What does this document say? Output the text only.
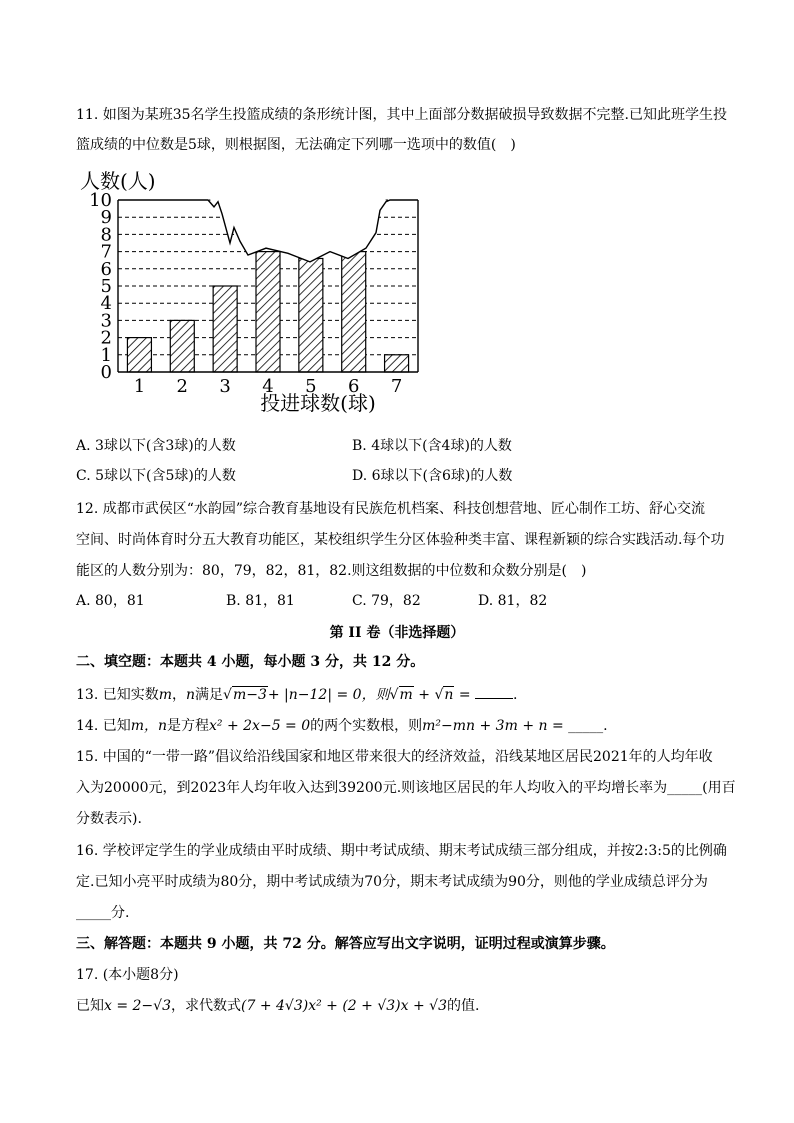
11. 如图为某班35名学生投篮成绩的条形统计图，其中上面部分数据破损导致数据不完整.已知此班学生投
篮成绩的中位数是5球，则根据图，无法确定下列哪一选项中的数值(　)
人数(人)
0
1
2
3
4
5
6
7
8
9
10
1 2 3 4 5 6 7
投进球数(球)
A. 3球以下(含3球)的人数	B. 4球以下(含4球)的人数
C. 5球以下(含5球)的人数	D. 6球以下(含6球)的人数
12. 成都市武侯区“水韵园”综合教育基地设有民族危机档案、科技创想营地、匠心制作工坊、舒心交流
空间、时尚体育时分五大教育功能区，某校组织学生分区体验种类丰富、课程新颖的综合实践活动.每个功
能区的人数分别为：80，79，82，81，82.则这组数据的中位数和众数分别是(　)
A. 80，81	B. 81，81	C. 79，82	D. 81，82
第 II 卷（非选择题）
二、填空题：本题共 4 小题，每小题 3 分，共 12 分。
13. 已知实数m，n满足√m−3+ |n−12| = 0，则√m + √n =	.
14. 已知m，n是方程x² + 2x−5 = 0的两个实数根，则m²−mn + 3m + n = _____.
15. 中国的“一带一路”倡议给沿线国家和地区带来很大的经济效益，沿线某地区居民2021年的人均年收
入为20000元，到2023年人均年收入达到39200元.则该地区居民的年人均收入的平均增长率为_____(用百
分数表示).
16. 学校评定学生的学业成绩由平时成绩、期中考试成绩、期末考试成绩三部分组成，并按2:3:5的比例确
定.已知小亮平时成绩为80分，期中考试成绩为70分，期末考试成绩为90分，则他的学业成绩总评分为
_____分.
三、解答题：本题共 9 小题，共 72 分。解答应写出文字说明，证明过程或演算步骤。
17. (本小题8分)
已知x = 2−√3，求代数式(7 + 4√3)x² + (2 + √3)x + √3的值.
